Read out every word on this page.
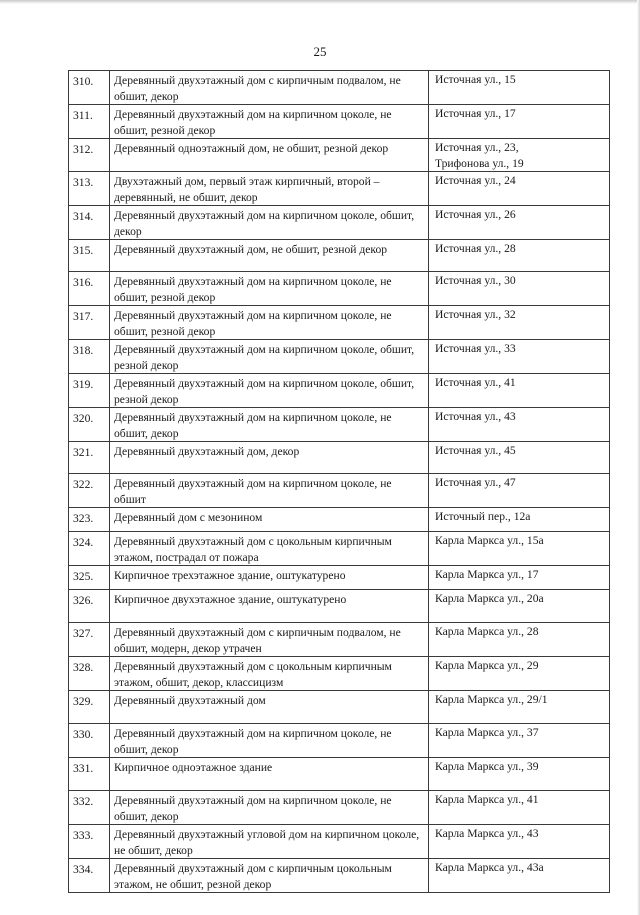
25
310.	Деревянный двухэтажный дом с кирпичным подвалом, не обшит, декор	Источная ул., 15
311.	Деревянный двухэтажный дом на кирпичном цоколе, не обшит, резной декор	Источная ул., 17
312.	Деревянный одноэтажный дом, не обшит, резной декор	Источная ул., 23,
Трифонова ул., 19
313.	Двухэтажный дом, первый этаж кирпичный, второй – деревянный, не обшит, декор	Источная ул., 24
314.	Деревянный двухэтажный дом на кирпичном цоколе, обшит, декор	Источная ул., 26
315.	Деревянный двухэтажный дом, не обшит, резной декор	Источная ул., 28
316.	Деревянный двухэтажный дом на кирпичном цоколе, не обшит, резной декор	Источная ул., 30
317.	Деревянный двухэтажный дом на кирпичном цоколе, не обшит, резной декор	Источная ул., 32
318.	Деревянный двухэтажный дом на кирпичном цоколе, обшит, резной декор	Источная ул., 33
319.	Деревянный двухэтажный дом на кирпичном цоколе, обшит, резной декор	Источная ул., 41
320.	Деревянный двухэтажный дом на кирпичном цоколе, не обшит, декор	Источная ул., 43
321.	Деревянный двухэтажный дом, декор	Источная ул., 45
322.	Деревянный двухэтажный дом на кирпичном цоколе, не обшит	Источная ул., 47
323.	Деревянный дом с мезонином	Источный пер., 12а
324.	Деревянный двухэтажный дом с цокольным кирпичным этажом, пострадал от пожара	Карла Маркса ул., 15а
325.	Кирпичное трехэтажное здание, оштукатурено	Карла Маркса ул., 17
326.	Кирпичное двухэтажное здание, оштукатурено	Карла Маркса ул., 20а
327.	Деревянный двухэтажный дом с кирпичным подвалом, не обшит, модерн, декор утрачен	Карла Маркса ул., 28
328.	Деревянный двухэтажный дом с цокольным кирпичным этажом, обшит, декор, классицизм	Карла Маркса ул., 29
329.	Деревянный двухэтажный дом	Карла Маркса ул., 29/1
330.	Деревянный двухэтажный дом на кирпичном цоколе, не обшит, декор	Карла Маркса ул., 37
331.	Кирпичное одноэтажное здание	Карла Маркса ул., 39
332.	Деревянный двухэтажный дом на кирпичном цоколе, не обшит, декор	Карла Маркса ул., 41
333.	Деревянный двухэтажный угловой дом на кирпичном цоколе, не обшит, декор	Карла Маркса ул., 43
334.	Деревянный двухэтажный дом с кирпичным цокольным этажом, не обшит, резной декор	Карла Маркса ул., 43а
